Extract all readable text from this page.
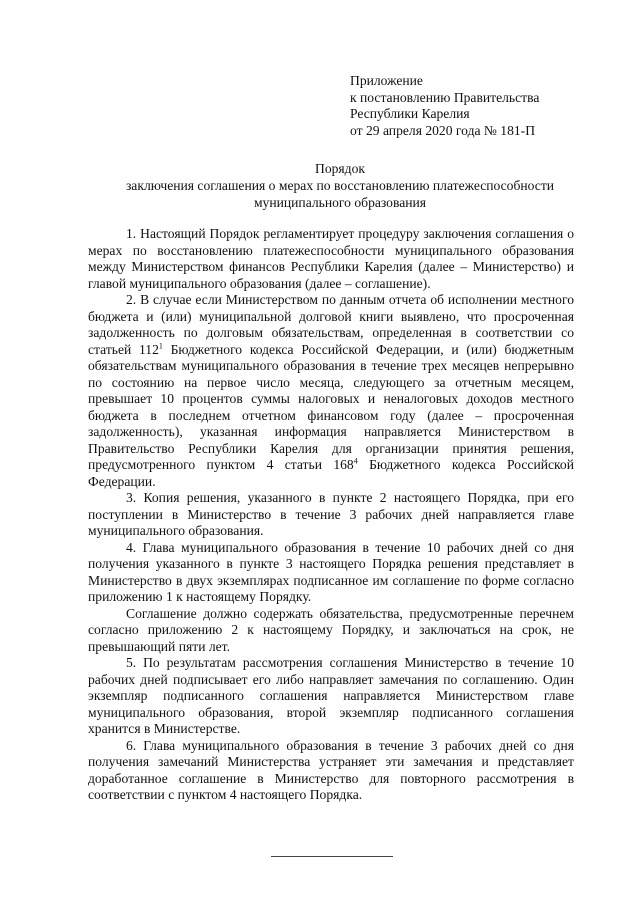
Приложение
к постановлению Правительства
Республики Карелия
от 29 апреля 2020 года № 181-П
Порядок
заключения соглашения о мерах по восстановлению платежеспособности
муниципального образования

1. Настоящий Порядок регламентирует процедуру заключения соглашения о мерах по восстановлению платежеспособности муниципального образования между Министерством финансов Республики Карелия (далее – Министерство) и главой муниципального образования (далее – соглашение).

2. В случае если Министерством по данным отчета об исполнении местного бюджета и (или) муниципальной долговой книги выявлено, что просроченная задолженность по долговым обязательствам, определенная в соответствии со статьей $112^1$ Бюджетного кодекса Российской Федерации, и (или) бюджетным обязательствам муниципального образования в течение трех месяцев непрерывно по состоянию на первое число месяца, следующего за отчетным месяцем, превышает 10 процентов суммы налоговых и неналоговых доходов местного бюджета в последнем отчетном финансовом году (далее – просроченная задолженность), указанная информация направляется Министерством в Правительство Республики Карелия для организации принятия решения, предусмотренного пунктом 4 статьи $168^4$ Бюджетного кодекса Российской Федерации.

3. Копия решения, указанного в пункте 2 настоящего Порядка, при его поступлении в Министерство в течение 3 рабочих дней направляется главе муниципального образования.

4. Глава муниципального образования в течение 10 рабочих дней со дня получения указанного в пункте 3 настоящего Порядка решения представляет в Министерство в двух экземплярах подписанное им соглашение по форме согласно приложению 1 к настоящему Порядку.

Соглашение должно содержать обязательства, предусмотренные перечнем согласно приложению 2 к настоящему Порядку, и заключаться на срок, не превышающий пяти лет.

5. По результатам рассмотрения соглашения Министерство в течение 10 рабочих дней подписывает его либо направляет замечания по соглашению. Один экземпляр подписанного соглашения направляется Министерством главе муниципального образования, второй экземпляр подписанного соглашения хранится в Министерстве.

6. Глава муниципального образования в течение 3 рабочих дней со дня получения замечаний Министерства устраняет эти замечания и представляет доработанное соглашение в Министерство для повторного рассмотрения в соответствии с пунктом 4 настоящего Порядка.
